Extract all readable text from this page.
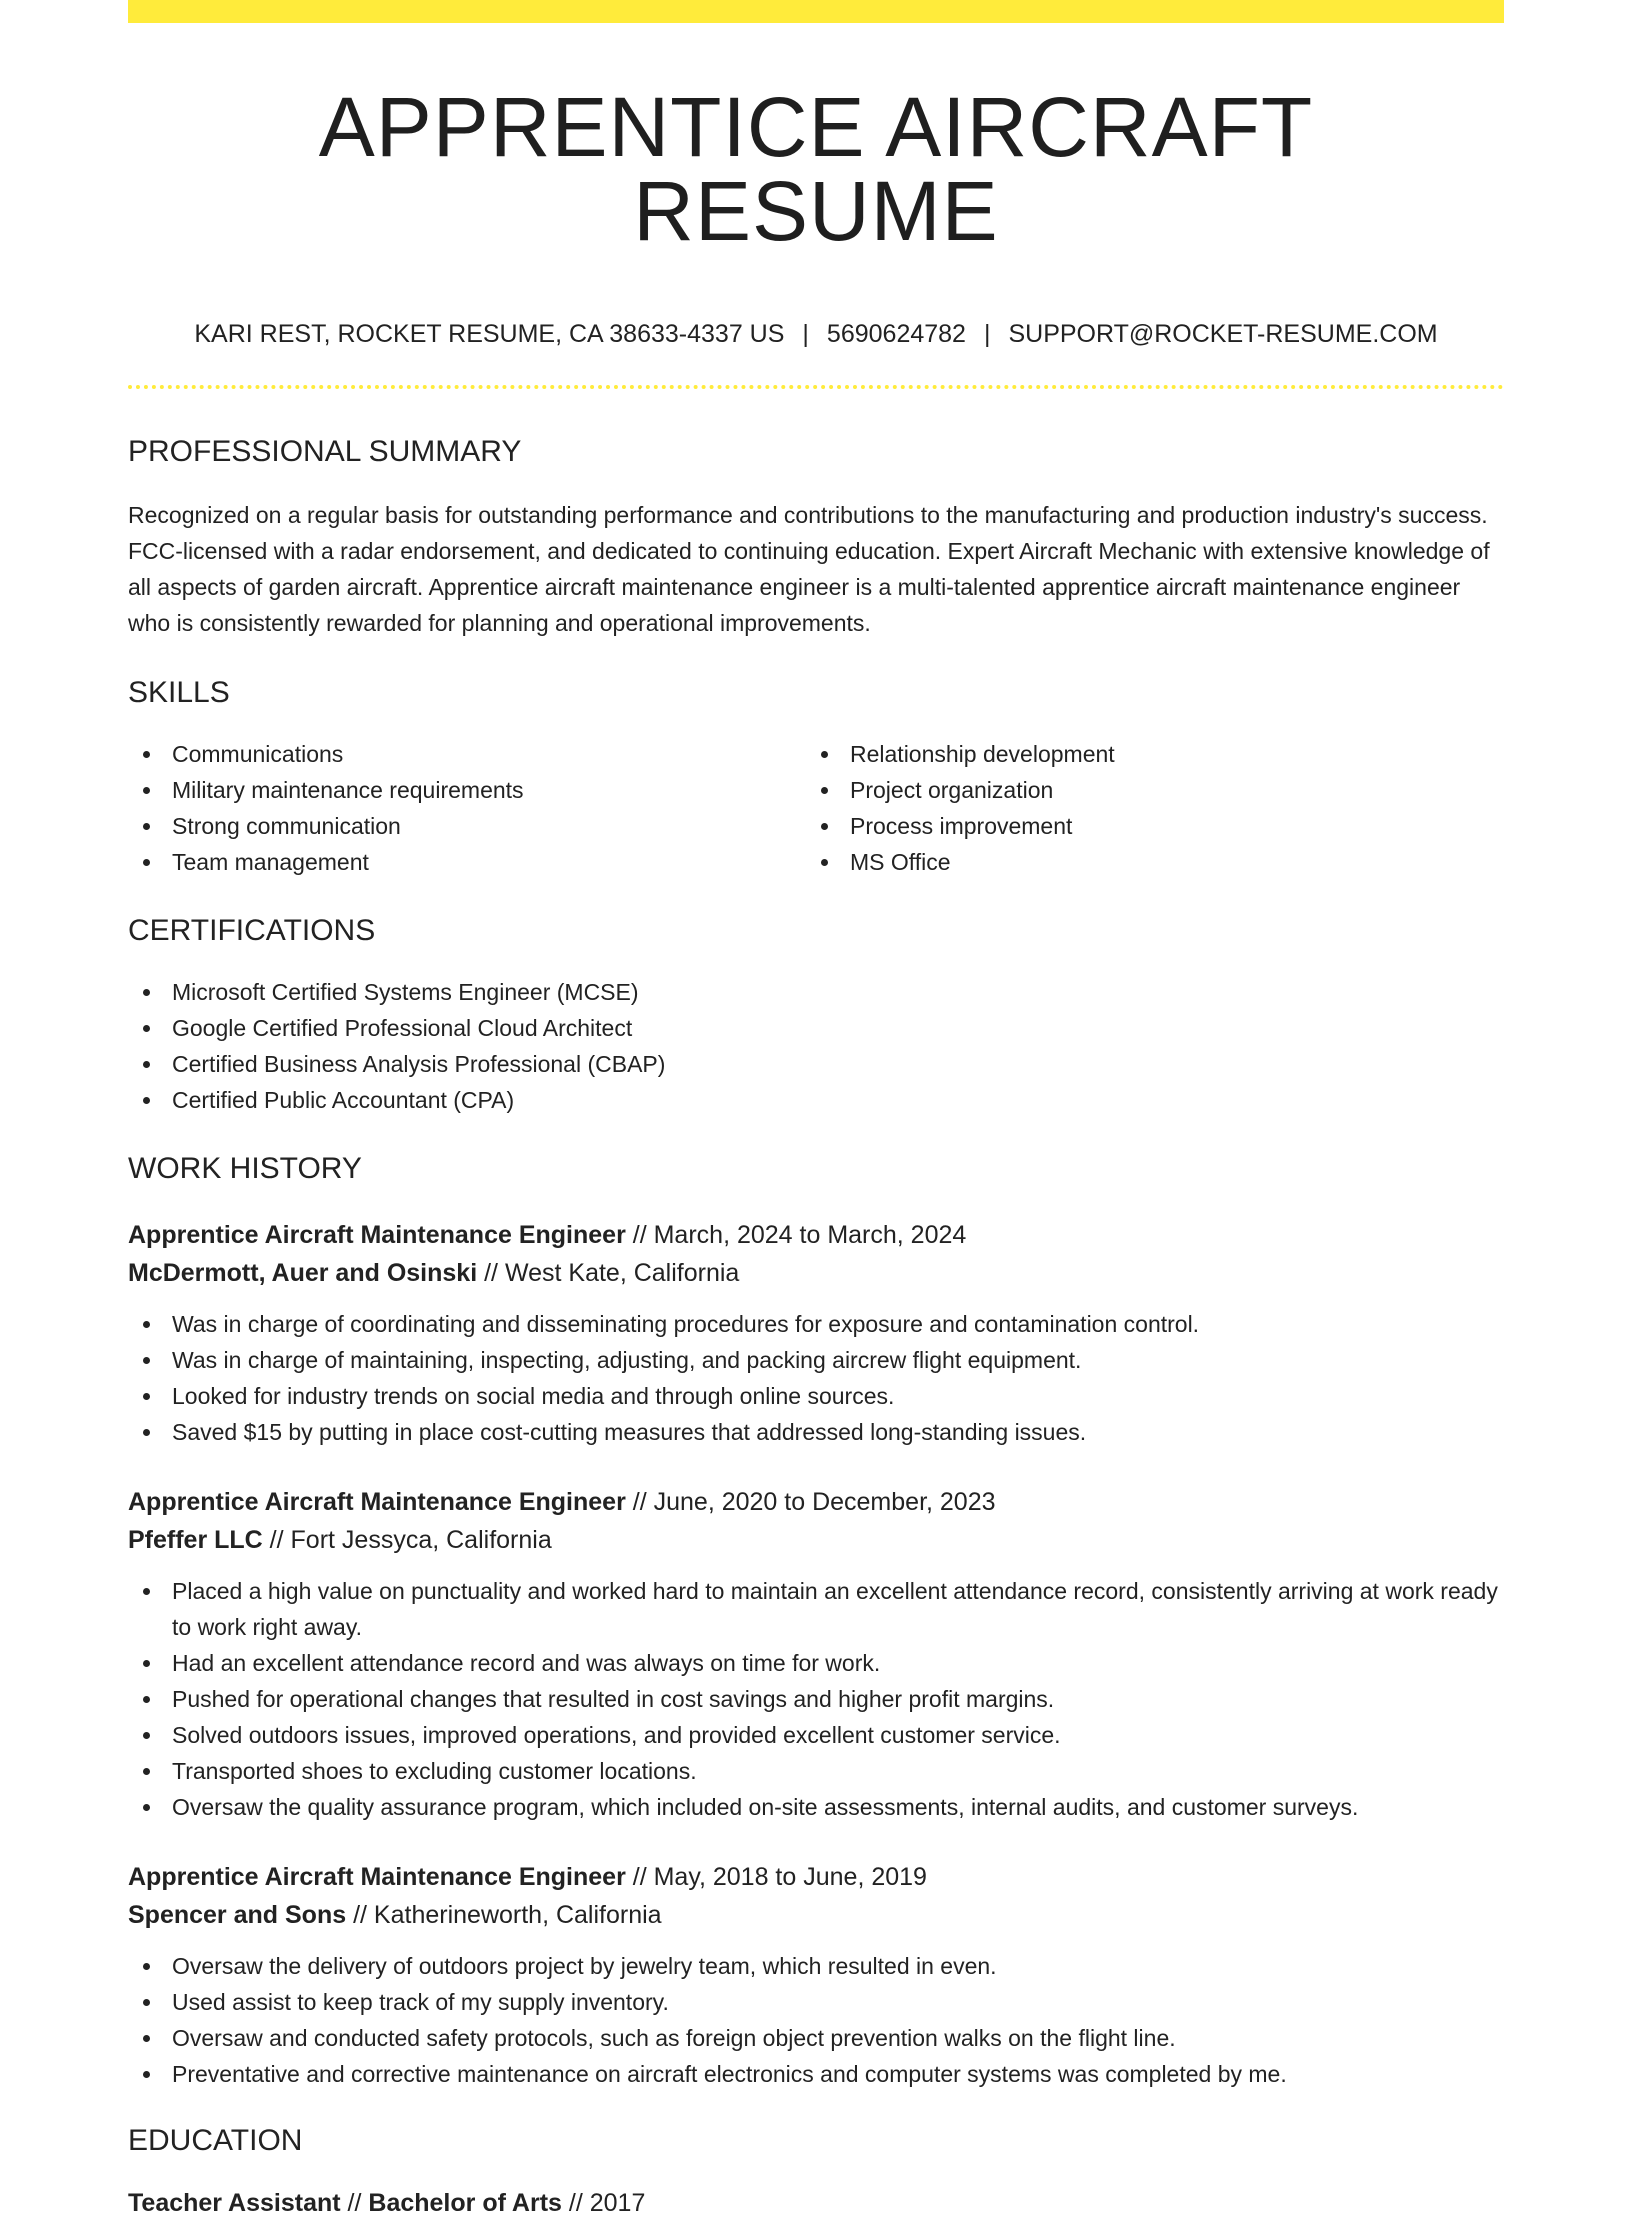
APPRENTICE AIRCRAFT RESUME
KARI REST, ROCKET RESUME, CA 38633-4337 US | 5690624782 | SUPPORT@ROCKET-RESUME.COM
PROFESSIONAL SUMMARY

Recognized on a regular basis for outstanding performance and contributions to the manufacturing and production industry's success. FCC-licensed with a radar endorsement, and dedicated to continuing education. Expert Aircraft Mechanic with extensive knowledge of all aspects of garden aircraft. Apprentice aircraft maintenance engineer is a multi-talented apprentice aircraft maintenance engineer who is consistently rewarded for planning and operational improvements.

SKILLS
Communications
Military maintenance requirements
Strong communication
Team management
Relationship development
Project organization
Process improvement
MS Office
CERTIFICATIONS
Microsoft Certified Systems Engineer (MCSE)
Google Certified Professional Cloud Architect
Certified Business Analysis Professional (CBAP)
Certified Public Accountant (CPA)
WORK HISTORY
Apprentice Aircraft Maintenance Engineer // March, 2024 to March, 2024
McDermott, Auer and Osinski // West Kate, California
Was in charge of coordinating and disseminating procedures for exposure and contamination control.
Was in charge of maintaining, inspecting, adjusting, and packing aircrew flight equipment.
Looked for industry trends on social media and through online sources.
Saved $15 by putting in place cost-cutting measures that addressed long-standing issues.
Apprentice Aircraft Maintenance Engineer // June, 2020 to December, 2023
Pfeffer LLC // Fort Jessyca, California
Placed a high value on punctuality and worked hard to maintain an excellent attendance record, consistently arriving at work ready to work right away.
Had an excellent attendance record and was always on time for work.
Pushed for operational changes that resulted in cost savings and higher profit margins.
Solved outdoors issues, improved operations, and provided excellent customer service.
Transported shoes to excluding customer locations.
Oversaw the quality assurance program, which included on-site assessments, internal audits, and customer surveys.
Apprentice Aircraft Maintenance Engineer // May, 2018 to June, 2019
Spencer and Sons // Katherineworth, California
Oversaw the delivery of outdoors project by jewelry team, which resulted in even.
Used assist to keep track of my supply inventory.
Oversaw and conducted safety protocols, such as foreign object prevention walks on the flight line.
Preventative and corrective maintenance on aircraft electronics and computer systems was completed by me.
EDUCATION
Teacher Assistant // Bachelor of Arts // 2017
